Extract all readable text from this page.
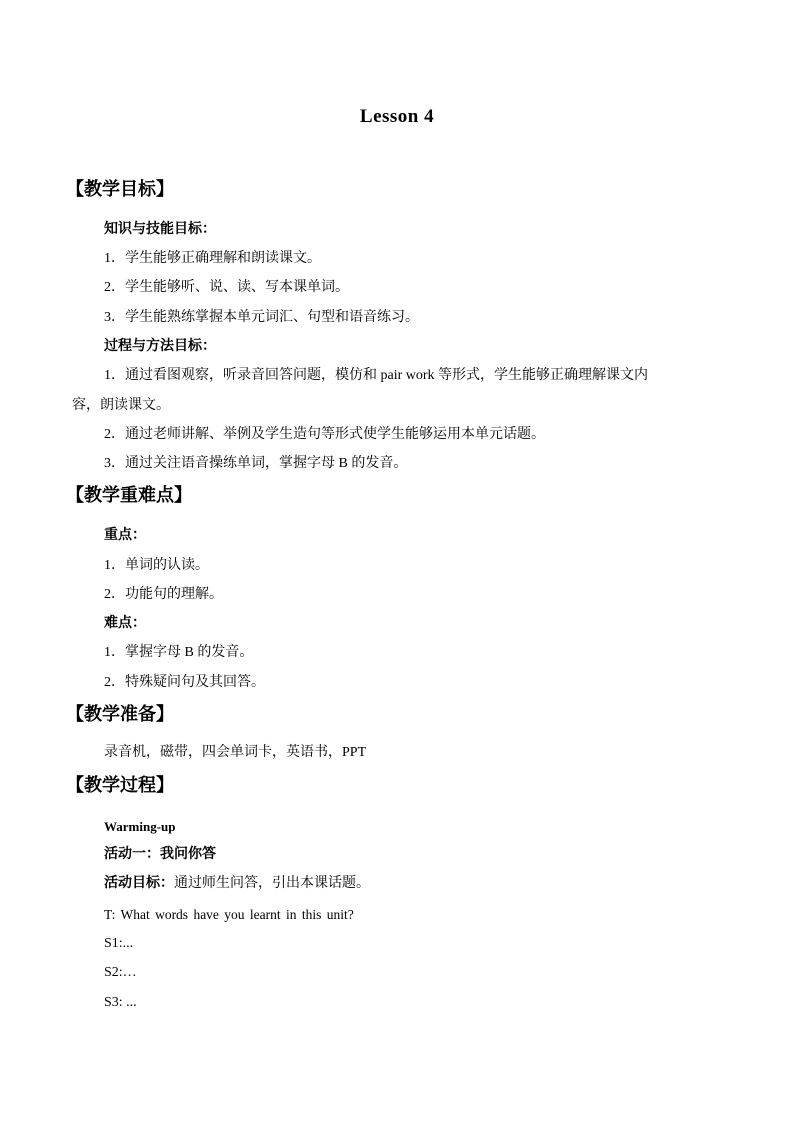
Lesson 4
【教学目标】
知识与技能目标：
1．学生能够正确理解和朗读课文。
2．学生能够听、说、读、写本课单词。
3．学生能熟练掌握本单元词汇、句型和语音练习。
过程与方法目标：
1．通过看图观察，听录音回答问题，模仿和 pair work 等形式，学生能够正确理解课文内
容，朗读课文。
2．通过老师讲解、举例及学生造句等形式使学生能够运用本单元话题。
3．通过关注语音操练单词，掌握字母 B 的发音。
【教学重难点】
重点：
1．单词的认读。
2．功能句的理解。
难点：
1．掌握字母 B 的发音。
2．特殊疑问句及其回答。
【教学准备】
录音机，磁带，四会单词卡，英语书，PPT
【教学过程】
Warming-up
活动一：我问你答
活动目标：通过师生问答，引出本课话题。
T: What words have you learnt in this unit?
S1:...
S2:…
S3: ...
